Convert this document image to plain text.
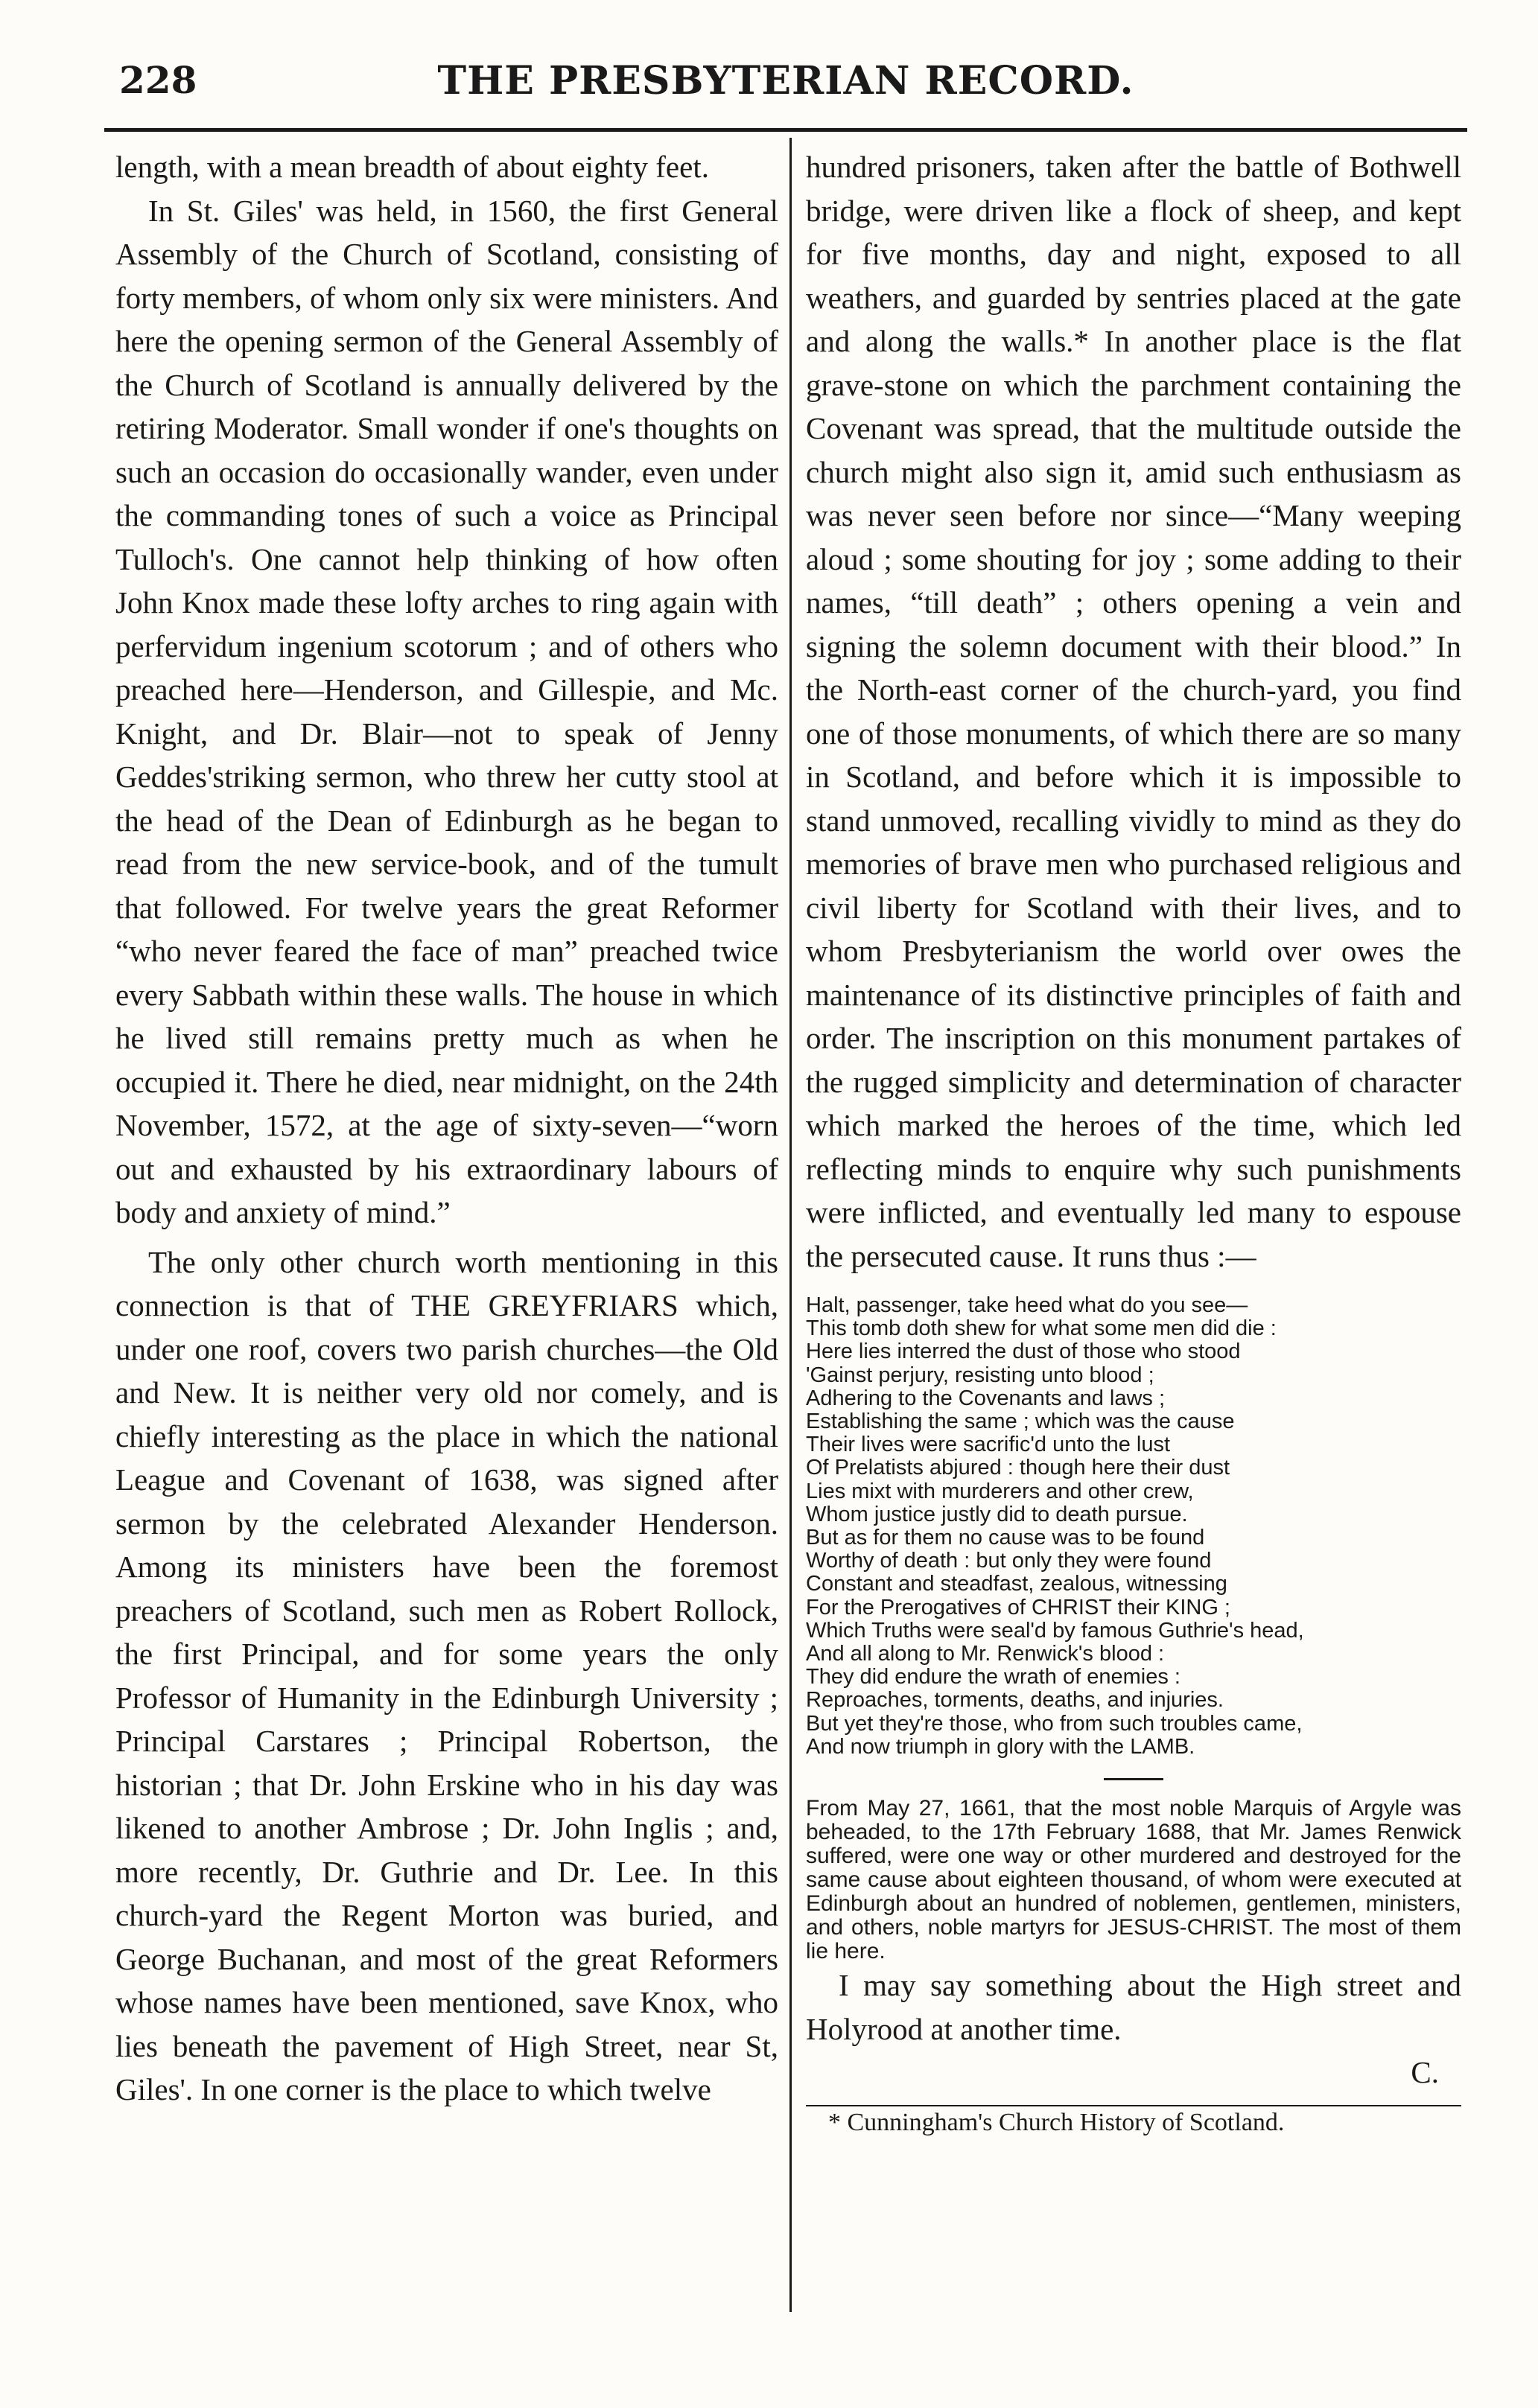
228	THE PRESBYTERIAN RECORD.

length, with a mean breadth of about eighty feet.

In St. Giles' was held, in 1560, the first General Assembly of the Church of Scotland, consisting of forty members, of whom only six were ministers. And here the opening sermon of the General Assembly of the Church of Scotland is annually delivered by the retiring Moderator. Small wonder if one's thoughts on such an occasion do occasionally wander, even under the commanding tones of such a voice as Principal Tulloch's. One cannot help thinking of how often John Knox made these lofty arches to ring again with perfervidum ingenium scotorum ; and of others who preached here—Henderson, and Gillespie, and Mc. Knight, and Dr. Blair—not to speak of Jenny Geddes'striking sermon, who threw her cutty stool at the head of the Dean of Edinburgh as he began to read from the new service-book, and of the tumult that followed. For twelve years the great Reformer “who never feared the face of man” preached twice every Sabbath within these walls. The house in which he lived still remains pretty much as when he occupied it. There he died, near midnight, on the 24th November, 1572, at the age of sixty-seven—“worn out and exhausted by his extraordinary labours of body and anxiety of mind.”

The only other church worth mentioning in this connection is that of THE GREYFRIARS which, under one roof, covers two parish churches—the Old and New. It is neither very old nor comely, and is chiefly interesting as the place in which the national League and Covenant of 1638, was signed after sermon by the celebrated Alexander Henderson. Among its ministers have been the foremost preachers of Scotland, such men as Robert Rollock, the first Principal, and for some years the only Professor of Humanity in the Edinburgh University ; Principal Carstares ; Principal Robertson, the historian ; that Dr. John Erskine who in his day was likened to another Ambrose ; Dr. John Inglis ; and, more recently, Dr. Guthrie and Dr. Lee. In this church-yard the Regent Morton was buried, and George Buchanan, and most of the great Reformers whose names have been mentioned, save Knox, who lies beneath the pavement of High Street, near St, Giles'. In one corner is the place to which twelve

hundred prisoners, taken after the battle of Bothwell bridge, were driven like a flock of sheep, and kept for five months, day and night, exposed to all weathers, and guarded by sentries placed at the gate and along the walls.* In another place is the flat grave-stone on which the parchment containing the Covenant was spread, that the multitude outside the church might also sign it, amid such enthusiasm as was never seen before nor since—“Many weeping aloud ; some shouting for joy ; some adding to their names, “till death” ; others opening a vein and signing the solemn document with their blood.” In the North-east corner of the church-yard, you find one of those monuments, of which there are so many in Scotland, and before which it is impossible to stand unmoved, recalling vividly to mind as they do memories of brave men who purchased religious and civil liberty for Scotland with their lives, and to whom Presbyterianism the world over owes the maintenance of its distinctive principles of faith and order. The inscription on this monument partakes of the rugged simplicity and determination of character which marked the heroes of the time, which led reflecting minds to enquire why such punishments were inflicted, and eventually led many to espouse the persecuted cause. It runs thus :—

Halt, passenger, take heed what do you see—
This tomb doth shew for what some men did die :
Here lies interred the dust of those who stood
'Gainst perjury, resisting unto blood ;
Adhering to the Covenants and laws ;
Establishing the same ; which was the cause
Their lives were sacrific'd unto the lust
Of Prelatists abjured : though here their dust
Lies mixt with murderers and other crew,
Whom justice justly did to death pursue.
But as for them no cause was to be found
Worthy of death : but only they were found
Constant and steadfast, zealous, witnessing
For the Prerogatives of CHRIST their KING ;
Which Truths were seal'd by famous Guthrie's head,
And all along to Mr. Renwick's blood :
They did endure the wrath of enemies :
Reproaches, torments, deaths, and injuries.
But yet they're those, who from such troubles came,
And now triumph in glory with the LAMB.

From May 27, 1661, that the most noble Marquis of Argyle was beheaded, to the 17th February 1688, that Mr. James Renwick suffered, were one way or other murdered and destroyed for the same cause about eighteen thousand, of whom were executed at Edinburgh about an hundred of noblemen, gentlemen, ministers, and others, noble martyrs for JESUS-CHRIST. The most of them lie here.

I may say something about the High street and Holyrood at another time.

C.

* Cunningham's Church History of Scotland.
